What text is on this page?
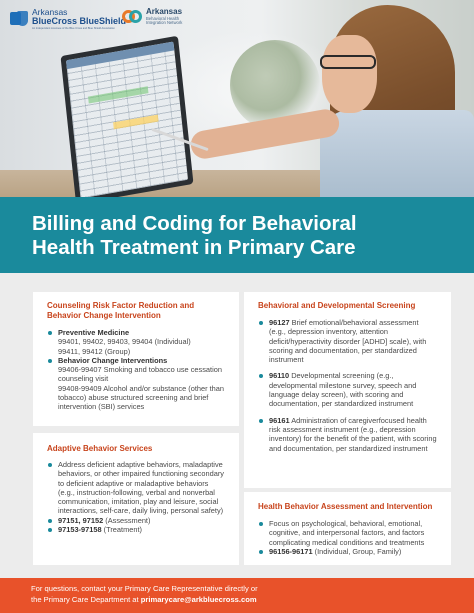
Arkansas
BlueCross BlueShield
An Independent Licensee of the Blue Cross and Blue Shield Association
Arkansas
Behavioral Health
Integration Network
Billing and Coding for Behavioral
Health Treatment in Primary Care
Counseling Risk Factor Reduction and Behavior Change Intervention
Preventive Medicine
99401, 99402, 99403, 99404 (Individual)
99411, 99412 (Group)
Behavior Change Interventions
99406-99407 Smoking and tobacco use cessation counseling visit
99408-99409 Alcohol and/or substance (other than tobacco) abuse structured screening and brief intervention (SBI) services
Adaptive Behavior Services
Address deficient adaptive behaviors, maladaptive behaviors, or other impaired functioning secondary to deficient adaptive or maladaptive behaviors (e.g., instruction-following, verbal and nonverbal communication, imitation, play and leisure, social interactions, self-care, daily living, personal safety)
97151, 97152 (Assessment)
97153-97158 (Treatment)
Behavioral and Developmental Screening
96127 Brief emotional/behavioral assessment (e.g., depression inventory, attention deficit/hyperactivity disorder [ADHD] scale), with scoring and documentation, per standardized instrument
96110 Developmental screening (e.g., developmental milestone survey, speech and language delay screen), with scoring and documentation, per standardized instrument
96161 Administration of caregiverfocused health risk assessment instrument (e.g., depression inventory) for the benefit of the patient, with scoring and documentation, per standardized instrument
Health Behavior Assessment and Intervention
Focus on psychological, behavioral, emotional, cognitive, and interpersonal factors, and factors complicating medical conditions and treatments
96156-96171 (Individual, Group, Family)
For questions, contact your Primary Care Representative directly or
the Primary Care Department at primarycare@arkbluecross.com
